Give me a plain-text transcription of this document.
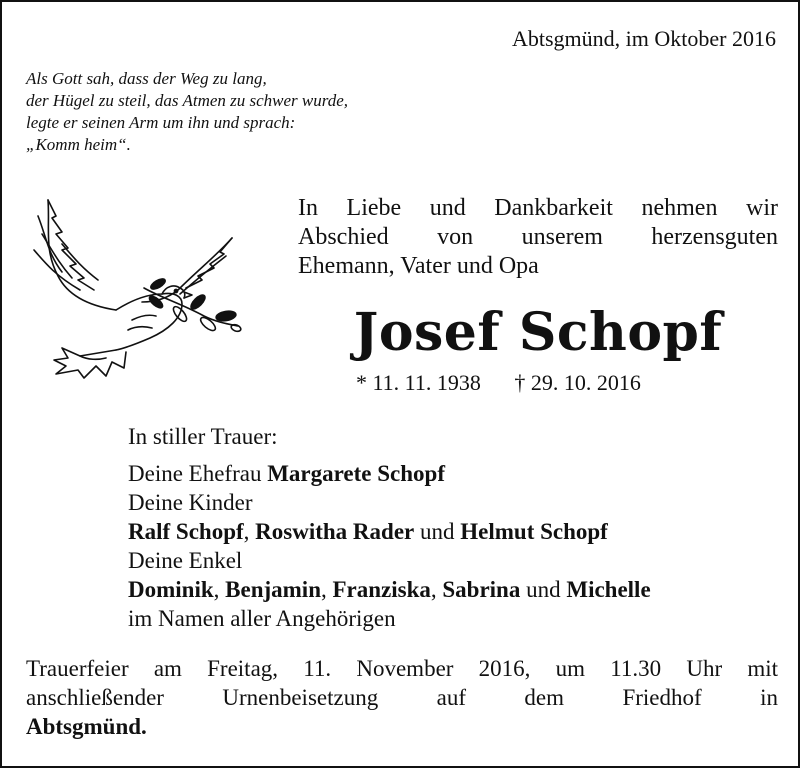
Abtsgmünd, im Oktober 2016
Als Gott sah, dass der Weg zu lang,
der Hügel zu steil, das Atmen zu schwer wurde,
legte er seinen Arm um ihn und sprach:
„Komm heim“.
In Liebe und Dankbarkeit nehmen wir
Abschied von unserem herzensguten
Ehemann, Vater und Opa
Josef Schopf
* 11. 11. 1938 † 29. 10. 2016
In stiller Trauer:
Deine Ehefrau Margarete Schopf
Deine Kinder
Ralf Schopf, Roswitha Rader und Helmut Schopf
Deine Enkel
Dominik, Benjamin, Franziska, Sabrina und Michelle
im Namen aller Angehörigen
Trauerfeier am Freitag, 11. November 2016, um 11.30 Uhr mit
anschließender Urnenbeisetzung auf dem Friedhof in
Abtsgmünd.
